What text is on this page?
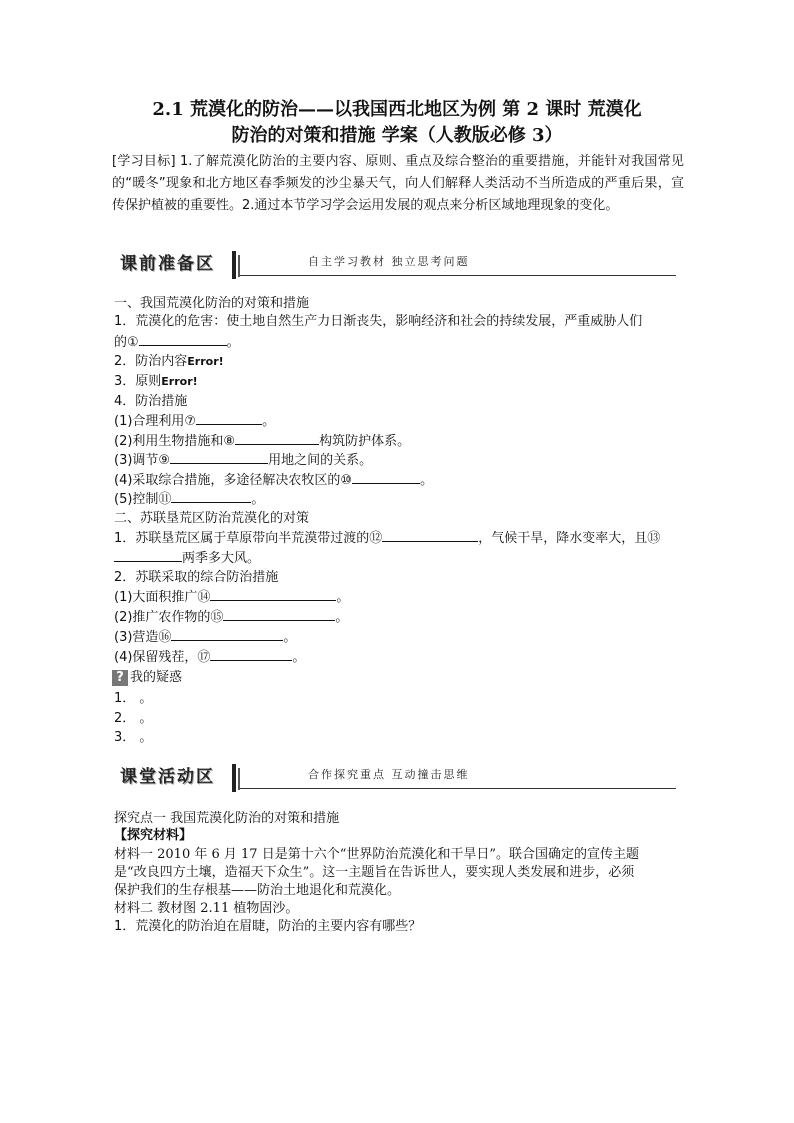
2.1 荒漠化的防治——以我国西北地区为例 第 2 课时 荒漠化
防治的对策和措施 学案（人教版必修 3）
[学习目标] 1.了解荒漠化防治的主要内容、原则、重点及综合整治的重要措施，并能针对我国常见的“暖冬”现象和北方地区春季频发的沙尘暴天气，向人们解释人类活动不当所造成的严重后果，宣传保护植被的重要性。2.通过本节学习学会运用发展的观点来分析区域地理现象的变化。
课前准备区	自主学习教材 独立思考问题
一、我国荒漠化防治的对策和措施
1．荒漠化的危害：使土地自然生产力日渐丧失，影响经济和社会的持续发展，严重威胁人们
的①	。
2．防治内容Error!
3．原则Error!
4．防治措施
(1)合理利用⑦	。
(2)利用生物措施和⑧	构筑防护体系。
(3)调节⑨	用地之间的关系。
(4)采取综合措施，多途径解决农牧区的⑩	。
(5)控制⑪	。
二、苏联垦荒区防治荒漠化的对策
1．苏联垦荒区属于草原带向半荒漠带过渡的⑫	，气候干旱，降水变率大，且⑬
两季多大风。
2．苏联采取的综合防治措施
(1)大面积推广⑭	。
(2)推广农作物的⑮	。
(3)营造⑯	。
(4)保留残茬，⑰	。
? 我的疑惑
1． 。
2． 。
3． 。
课堂活动区	合作探究重点 互动撞击思维
探究点一 我国荒漠化防治的对策和措施
【探究材料】
材料一 2010 年 6 月 17 日是第十六个“世界防治荒漠化和干旱日”。联合国确定的宣传主题
是“改良四方土壤，造福天下众生”。这一主题旨在告诉世人，要实现人类发展和进步，必须
保护我们的生存根基——防治土地退化和荒漠化。
材料二 教材图 2.11 植物固沙。
1．荒漠化的防治迫在眉睫，防治的主要内容有哪些？
